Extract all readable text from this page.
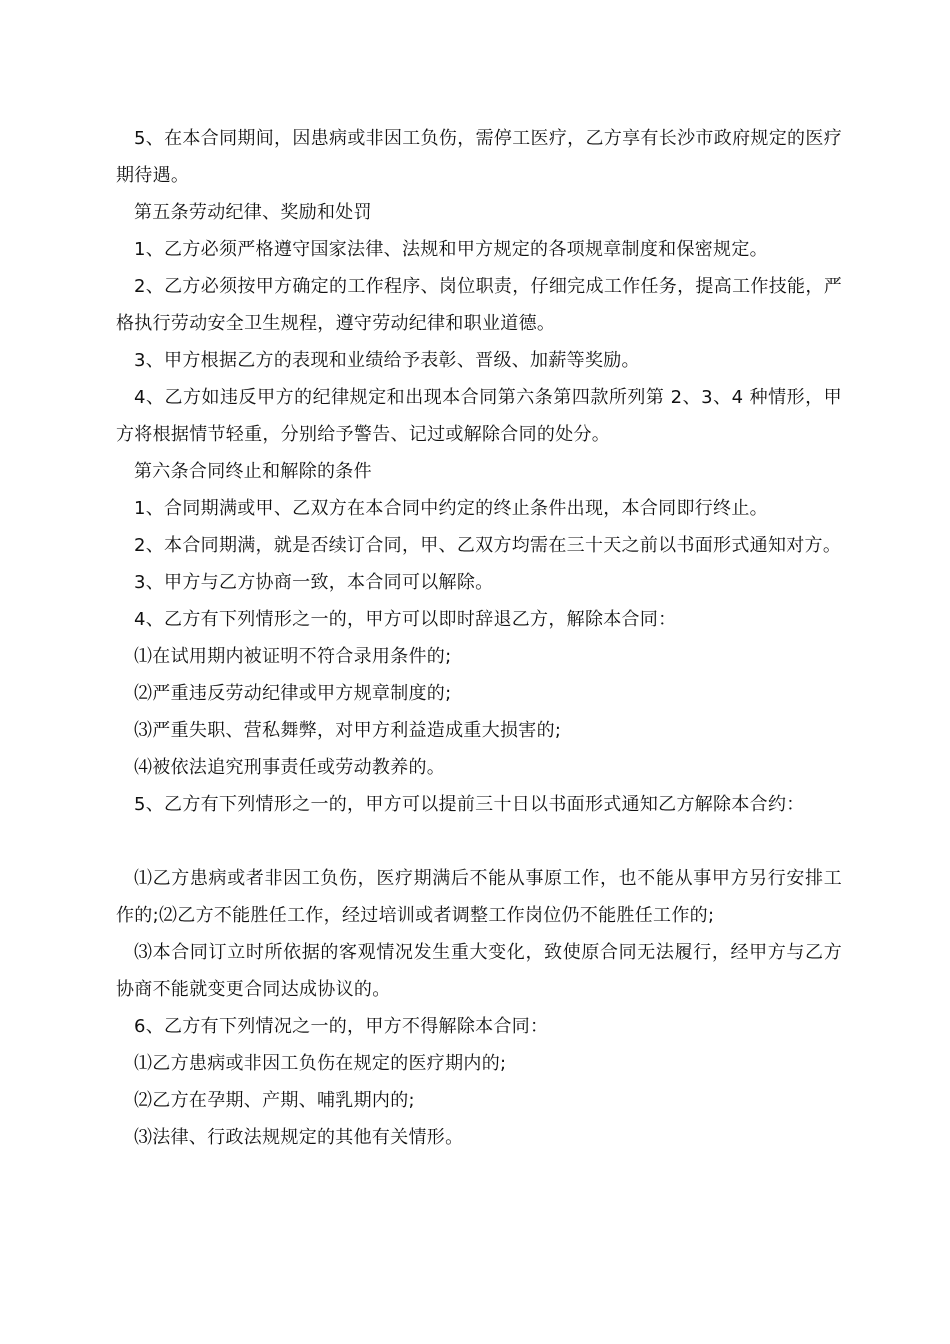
5、在本合同期间，因患病或非因工负伤，需停工医疗，乙方享有长沙市政府规定的医疗期待遇。

第五条劳动纪律、奖励和处罚

1、乙方必须严格遵守国家法律、法规和甲方规定的各项规章制度和保密规定。

2、乙方必须按甲方确定的工作程序、岗位职责，仔细完成工作任务，提高工作技能，严格执行劳动安全卫生规程，遵守劳动纪律和职业道德。

3、甲方根据乙方的表现和业绩给予表彰、晋级、加薪等奖励。

4、乙方如违反甲方的纪律规定和出现本合同第六条第四款所列第 2、3、4 种情形，甲方将根据情节轻重，分别给予警告、记过或解除合同的处分。

第六条合同终止和解除的条件

1、合同期满或甲、乙双方在本合同中约定的终止条件出现，本合同即行终止。

2、本合同期满，就是否续订合同，甲、乙双方均需在三十天之前以书面形式通知对方。

3、甲方与乙方协商一致，本合同可以解除。

4、乙方有下列情形之一的，甲方可以即时辞退乙方，解除本合同：

⑴在试用期内被证明不符合录用条件的;

⑵严重违反劳动纪律或甲方规章制度的;

⑶严重失职、营私舞弊，对甲方利益造成重大损害的;

⑷被依法追究刑事责任或劳动教养的。

5、乙方有下列情形之一的，甲方可以提前三十日以书面形式通知乙方解除本合约：

⑴乙方患病或者非因工负伤，医疗期满后不能从事原工作，也不能从事甲方另行安排工作的;⑵乙方不能胜任工作，经过培训或者调整工作岗位仍不能胜任工作的;

⑶本合同订立时所依据的客观情况发生重大变化，致使原合同无法履行，经甲方与乙方协商不能就变更合同达成协议的。

6、乙方有下列情况之一的，甲方不得解除本合同：

⑴乙方患病或非因工负伤在规定的医疗期内的;

⑵乙方在孕期、产期、哺乳期内的;

⑶法律、行政法规规定的其他有关情形。
